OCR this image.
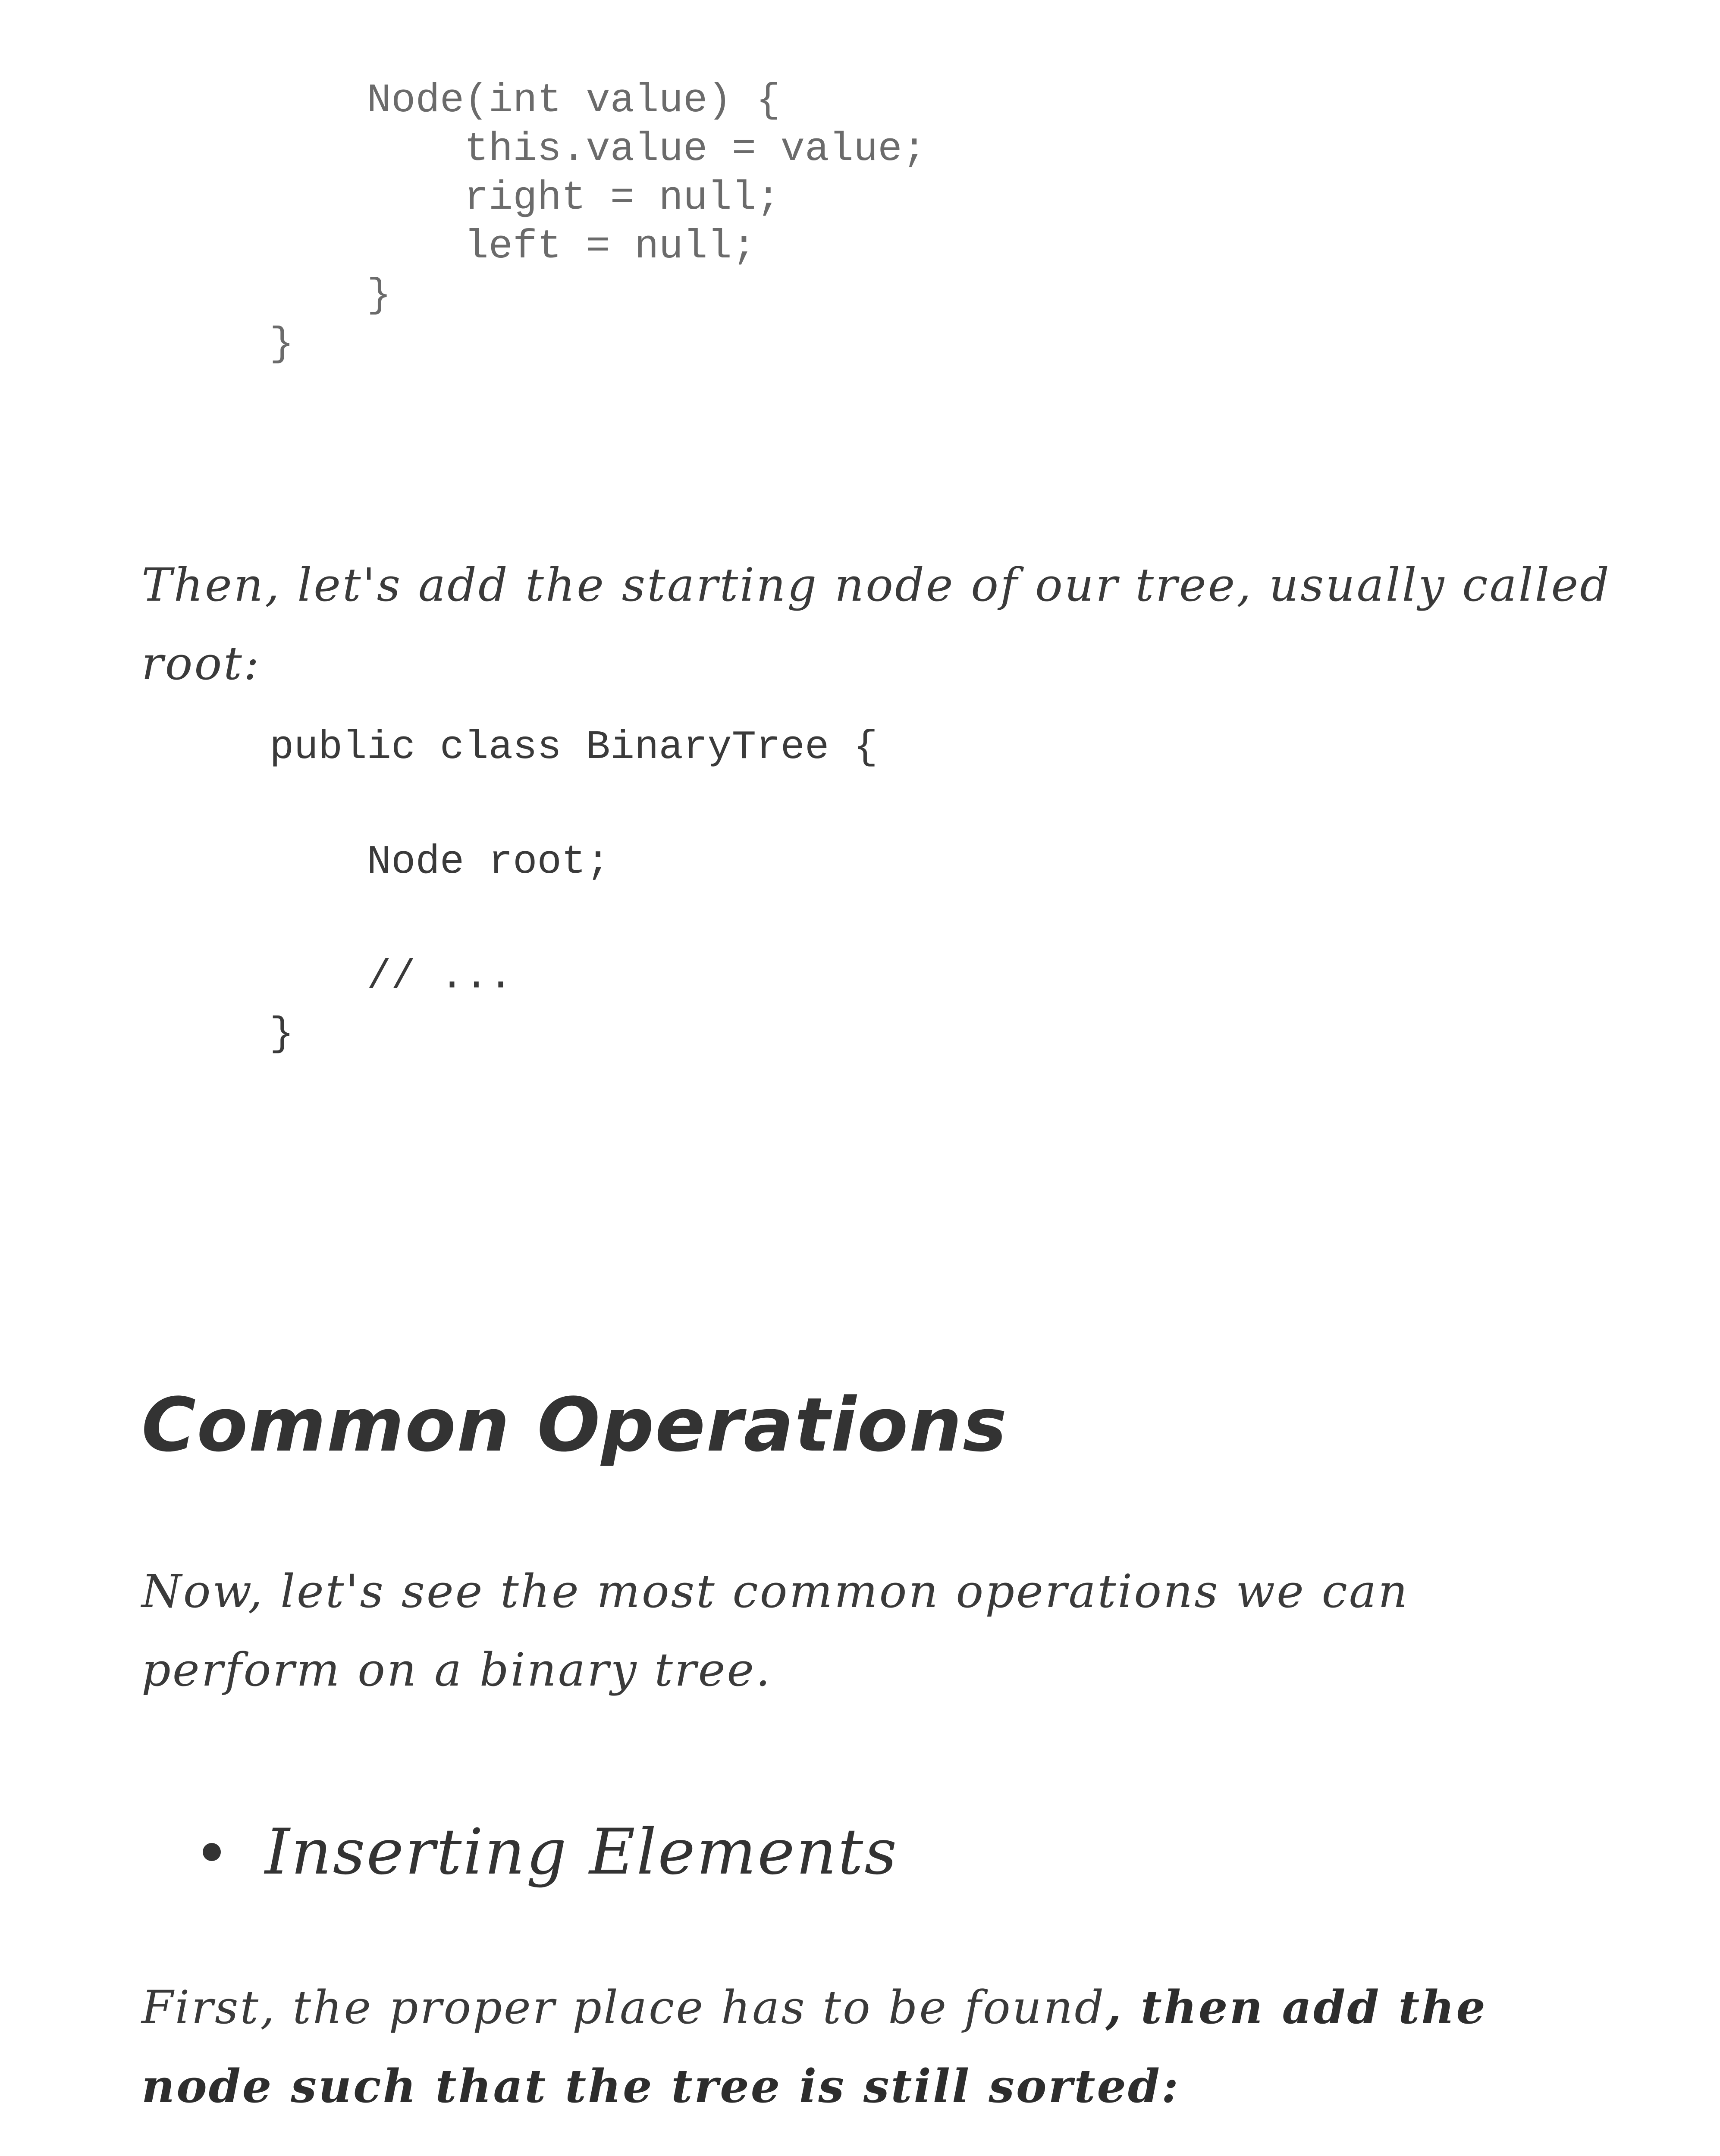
Node(int value) {
this.value = value;
right = null;
left = null;
}
}

Then, let's add the starting node of our tree, usually called root:

public class BinaryTree {
Node root;
// ...
}
Common Operations

Now, let's see the most common operations we can perform on a binary tree.

Inserting Elements

First, the proper place has to be found, then add the node such that the tree is still sorted:
